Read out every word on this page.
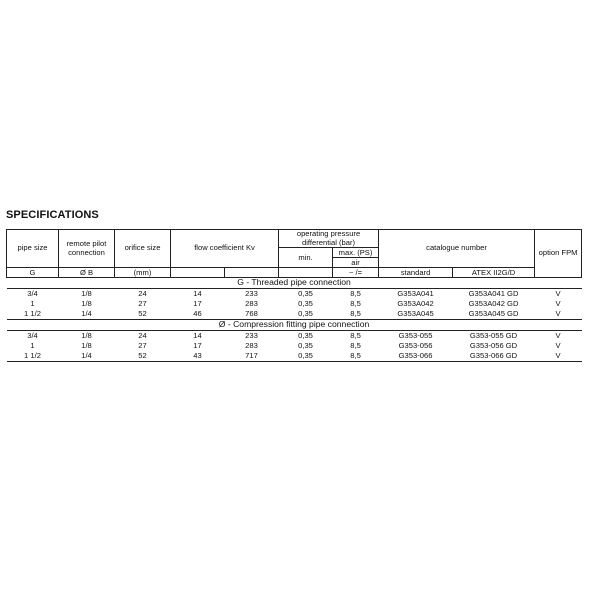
SPECIFICATIONS
pipe size	remote pilot connection	orifice size	flow coefficient Kv		operating pressure differential (bar)		catalogue number		option FPM
					min.	max. (PS)			
						air			
G	Ø B	(mm)				~ /=	standard	ATEX II2G/D	
G - Threaded pipe connection									
3/4	1/8	24	14	233	0,35	8,5	G353A041	G353A041 GD	V
1	1/8	27	17	283	0,35	8,5	G353A042	G353A042 GD	V
1 1/2	1/4	52	46	768	0,35	8,5	G353A045	G353A045 GD	V
Ø - Compression fitting pipe connection									
3/4	1/8	24	14	233	0,35	8,5	G353-055	G353-055 GD	V
1	1/8	27	17	283	0,35	8,5	G353-056	G353-056 GD	V
1 1/2	1/4	52	43	717	0,35	8,5	G353-066	G353-066 GD	V
